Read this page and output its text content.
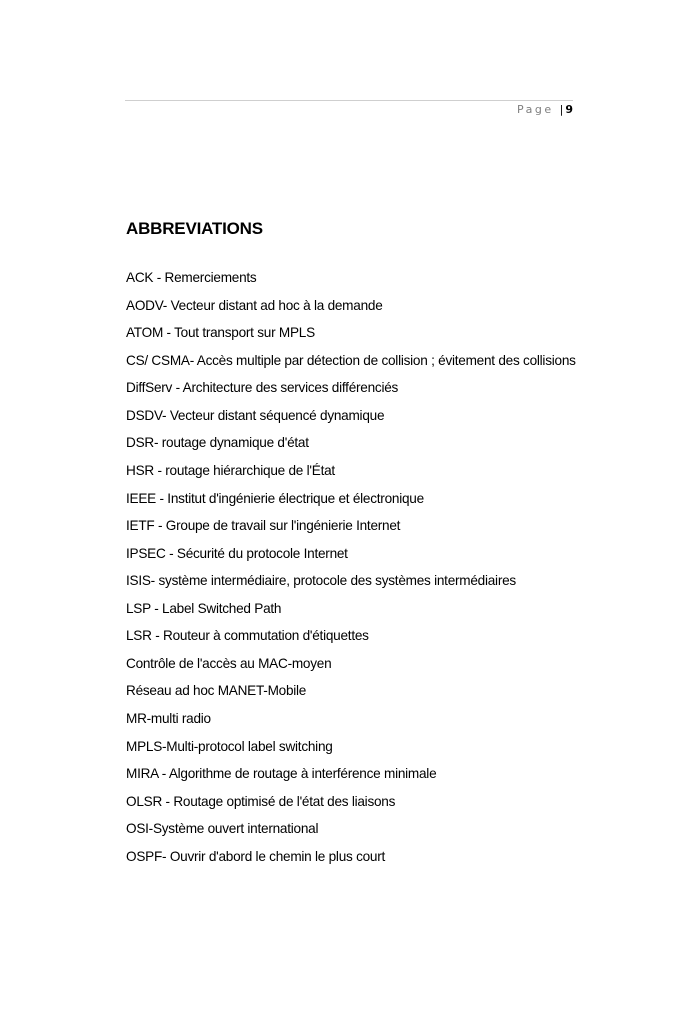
Page | 9
ABBREVIATIONS
ACK - Remerciements
AODV- Vecteur distant ad hoc à la demande
ATOM - Tout transport sur MPLS
CS/ CSMA- Accès multiple par détection de collision ; évitement des collisions
DiffServ - Architecture des services différenciés
DSDV- Vecteur distant séquencé dynamique
DSR- routage dynamique d'état
HSR - routage hiérarchique de l'État
IEEE - Institut d'ingénierie électrique et électronique
IETF - Groupe de travail sur l'ingénierie Internet
IPSEC - Sécurité du protocole Internet
ISIS- système intermédiaire, protocole des systèmes intermédiaires
LSP - Label Switched Path
LSR - Routeur à commutation d'étiquettes
Contrôle de l'accès au MAC-moyen
Réseau ad hoc MANET-Mobile
MR-multi radio
MPLS-Multi-protocol label switching
MIRA - Algorithme de routage à interférence minimale
OLSR - Routage optimisé de l'état des liaisons
OSI-Système ouvert international
OSPF- Ouvrir d'abord le chemin le plus court
